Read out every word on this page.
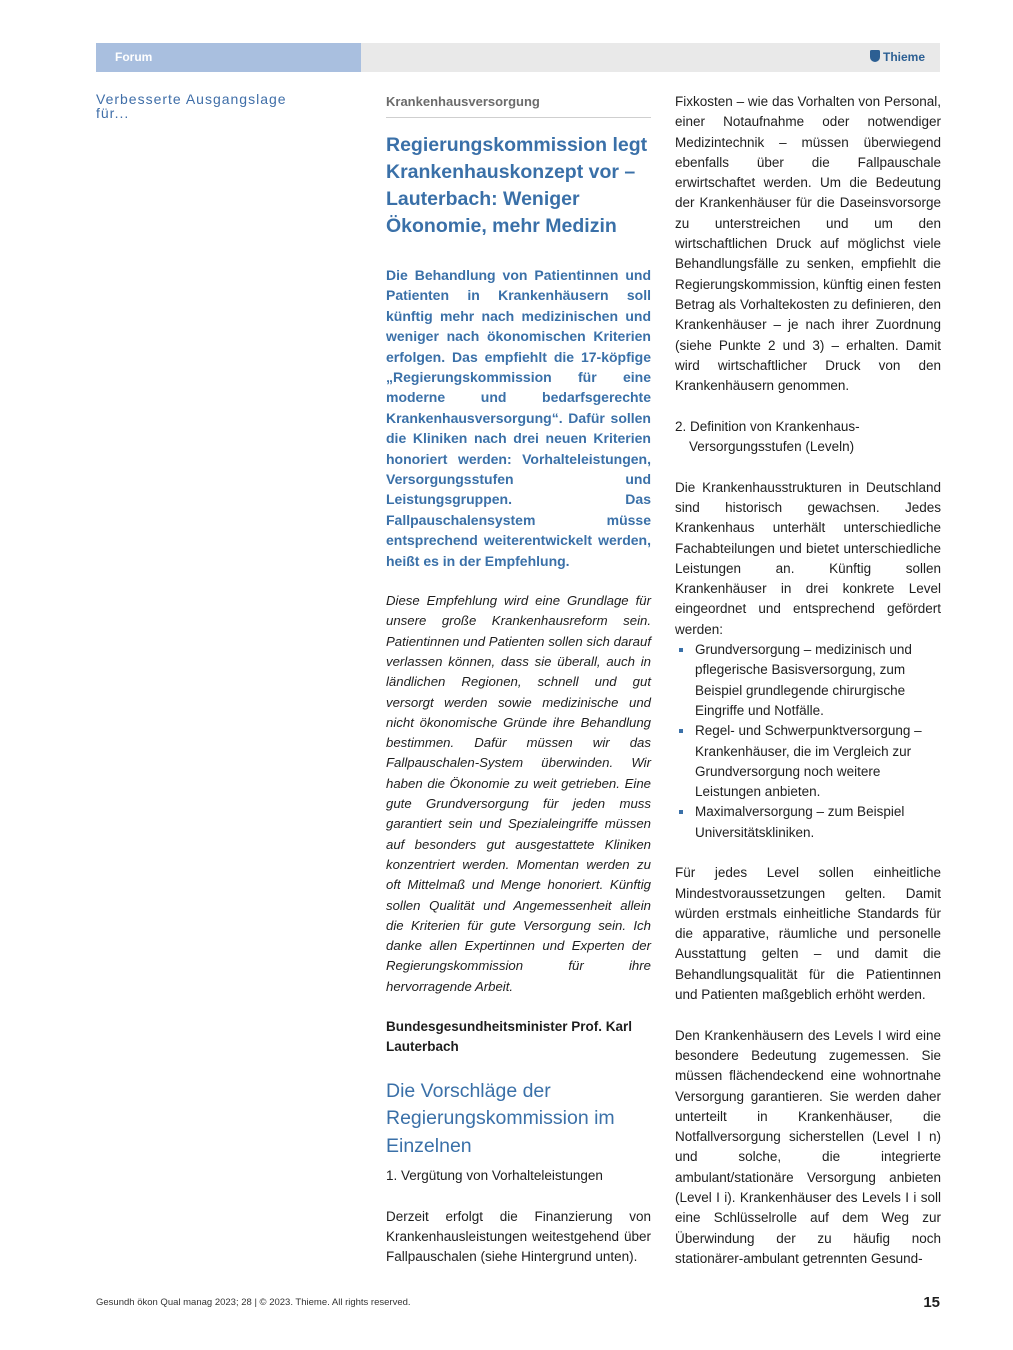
Forum	Thieme
Verbesserte Ausgangslage für...
Krankenhausversorgung
Regierungskommission legt Krankenhauskonzept vor – Lauterbach: Weniger Ökonomie, mehr Medizin

Die Behandlung von Patientinnen und Patienten in Krankenhäusern soll künftig mehr nach medizinischen und weniger nach ökonomischen Kriterien erfolgen. Das empfiehlt die 17-köpfige „Regierungskommission für eine moderne und bedarfsgerechte Krankenhausversorgung“. Dafür sollen die Kliniken nach drei neuen Kriterien honoriert werden: Vorhalteleistungen, Versorgungsstufen und Leistungsgruppen. Das Fallpauschalensystem müsse entsprechend weiterentwickelt werden, heißt es in der Empfehlung.

Diese Empfehlung wird eine Grundlage für unsere große Krankenhausreform sein. Patientinnen und Patienten sollen sich darauf verlassen können, dass sie überall, auch in ländlichen Regionen, schnell und gut versorgt werden sowie medizinische und nicht ökonomische Gründe ihre Behandlung bestimmen. Dafür müssen wir das Fallpauschalen-System überwinden. Wir haben die Ökonomie zu weit getrieben. Eine gute Grundversorgung für jeden muss garantiert sein und Spezialeingriffe müssen auf besonders gut ausgestattete Kliniken konzentriert werden. Momentan werden zu oft Mittelmaß und Menge honoriert. Künftig sollen Qualität und Angemessenheit allein die Kriterien für gute Versorgung sein. Ich danke allen Expertinnen und Experten der Regierungskommission für ihre hervorragende Arbeit.

Bundesgesundheitsminister Prof. Karl Lauterbach

Die Vorschläge der Regierungskommission im Einzelnen

1. Vergütung von Vorhalteleistungen

Derzeit erfolgt die Finanzierung von Krankenhausleistungen weitestgehend über Fallpauschalen (siehe Hintergrund unten).

Fixkosten – wie das Vorhalten von Personal, einer Notaufnahme oder notwendiger Medizintechnik – müssen überwiegend ebenfalls über die Fallpauschale erwirtschaftet werden. Um die Bedeutung der Krankenhäuser für die Daseinsvorsorge zu unterstreichen und um den wirtschaftlichen Druck auf möglichst viele Behandlungsfälle zu senken, empfiehlt die Regierungskommission, künftig einen festen Betrag als Vorhaltekosten zu definieren, den Krankenhäuser – je nach ihrer Zuordnung (siehe Punkte 2 und 3) – erhalten. Damit wird wirtschaftlicher Druck von den Krankenhäusern genommen.

2. Definition von Krankenhaus-Versorgungsstufen (Leveln)

Die Krankenhausstrukturen in Deutschland sind historisch gewachsen. Jedes Krankenhaus unterhält unterschiedliche Fachabteilungen und bietet unterschiedliche Leistungen an. Künftig sollen Krankenhäuser in drei konkrete Level eingeordnet und entsprechend gefördert werden:

Grundversorgung – medizinisch und pflegerische Basisversorgung, zum Beispiel grundlegende chirurgische Eingriffe und Notfälle.
Regel- und Schwerpunktversorgung – Krankenhäuser, die im Vergleich zur Grundversorgung noch weitere Leistungen anbieten.
Maximalversorgung – zum Beispiel Universitätskliniken.

Für jedes Level sollen einheitliche Mindestvoraussetzungen gelten. Damit würden erstmals einheitliche Standards für die apparative, räumliche und personelle Ausstattung gelten – und damit die Behandlungsqualität für die Patientinnen und Patienten maßgeblich erhöht werden.

Den Krankenhäusern des Levels I wird eine besondere Bedeutung zugemessen. Sie müssen flächendeckend eine wohnortnahe Versorgung garantieren. Sie werden daher unterteilt in Krankenhäuser, die Notfallversorgung sicherstellen (Level I n) und solche, die integrierte ambulant/stationäre Versorgung anbieten (Level I i). Krankenhäuser des Levels I i soll eine Schlüsselrolle auf dem Weg zur Überwindung der zu häufig noch stationärer-ambulant getrennten Gesund-

Gesundh ökon Qual manag 2023; 28 | © 2023. Thieme. All rights reserved.	15
